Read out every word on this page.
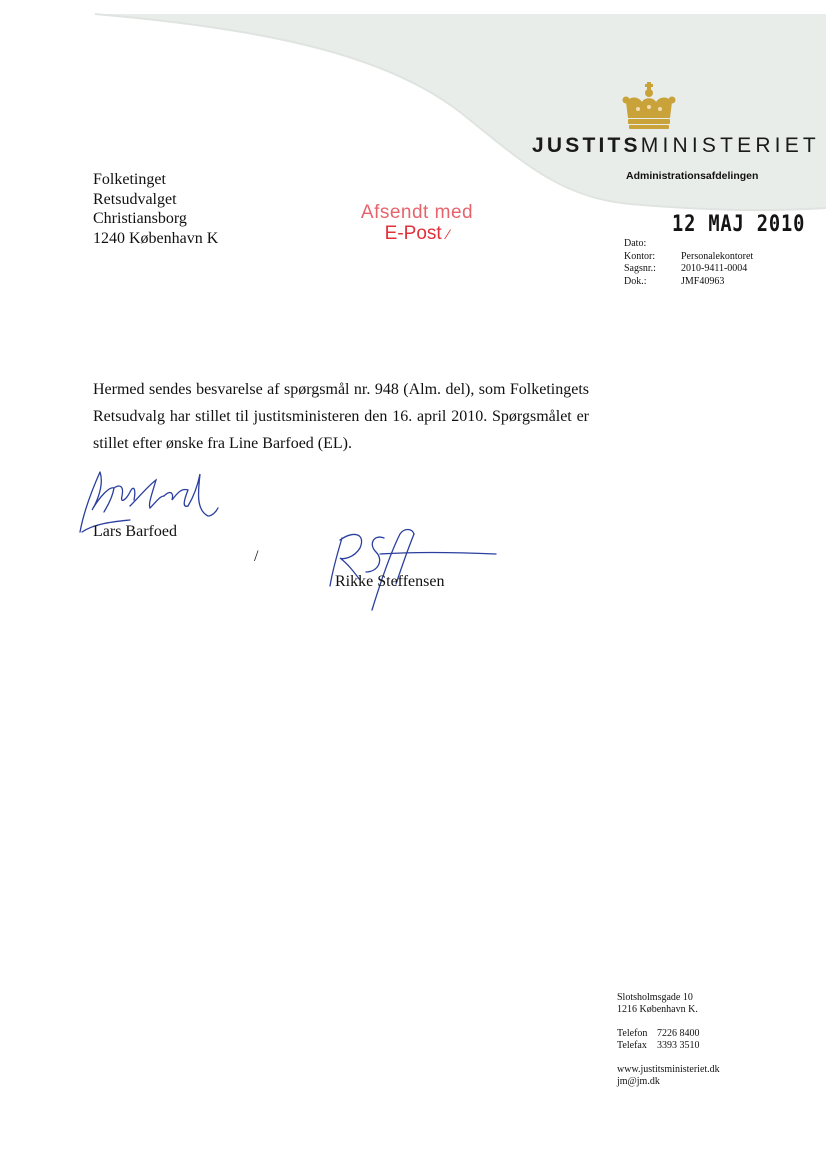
JUSTITSMINISTERIET
Administrationsafdelingen
Folketinget
Retsudvalget
Christiansborg
1240 København K
Afsendt med
E-Post ⁄	12 MAJ 2010
Dato:
Kontor:	Personalekontoret
Sagsnr.:	2010-9411-0004
Dok.:	JMF40963

Hermed sendes besvarelse af spørgsmål nr. 948 (Alm. del), som Folketingets Retsudvalg har stillet til justitsministeren den 16. april 2010. Spørgsmålet er stillet efter ønske fra Line Barfoed (EL).

Lars Barfoed
/
Rikke Steffensen
Slotsholmsgade 10
1216 København K.
Telefon 7226 8400
Telefax	3393 3510
www.justitsministeriet.dk
jm@jm.dk
